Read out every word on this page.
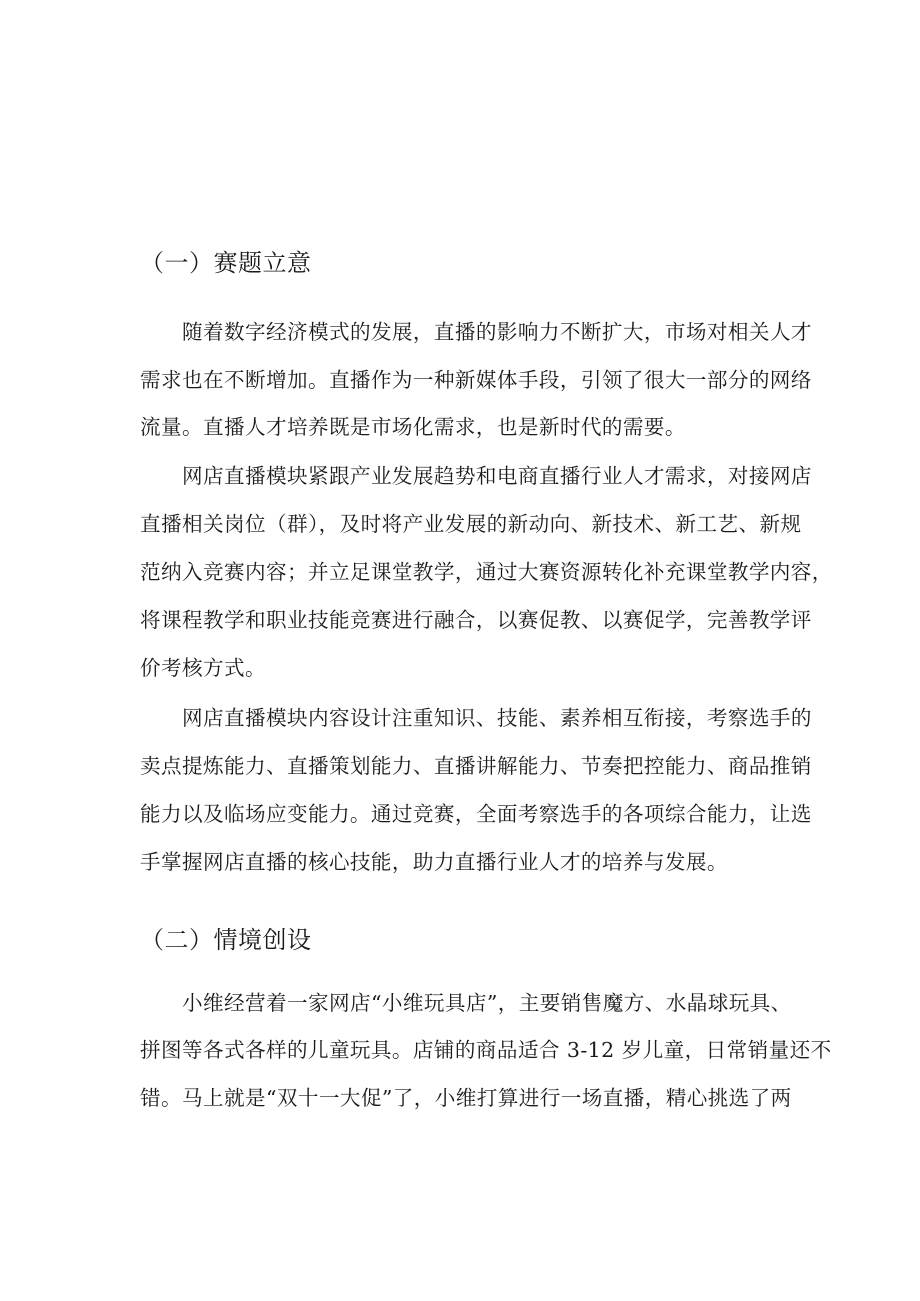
（一）赛题立意
随着数字经济模式的发展，直播的影响力不断扩大，市场对相关人才
需求也在不断增加。直播作为一种新媒体手段，引领了很大一部分的网络
流量。直播人才培养既是市场化需求，也是新时代的需要。
网店直播模块紧跟产业发展趋势和电商直播行业人才需求，对接网店
直播相关岗位（群），及时将产业发展的新动向、新技术、新工艺、新规
范纳入竞赛内容；并立足课堂教学，通过大赛资源转化补充课堂教学内容，
将课程教学和职业技能竞赛进行融合，以赛促教、以赛促学，完善教学评
价考核方式。
网店直播模块内容设计注重知识、技能、素养相互衔接，考察选手的
卖点提炼能力、直播策划能力、直播讲解能力、节奏把控能力、商品推销
能力以及临场应变能力。通过竞赛，全面考察选手的各项综合能力，让选
手掌握网店直播的核心技能，助力直播行业人才的培养与发展。
（二）情境创设
小维经营着一家网店“小维玩具店”，主要销售魔方、水晶球玩具、
拼图等各式各样的儿童玩具。店铺的商品适合 3-12 岁儿童，日常销量还不
错。马上就是“双十一大促”了，小维打算进行一场直播，精心挑选了两
